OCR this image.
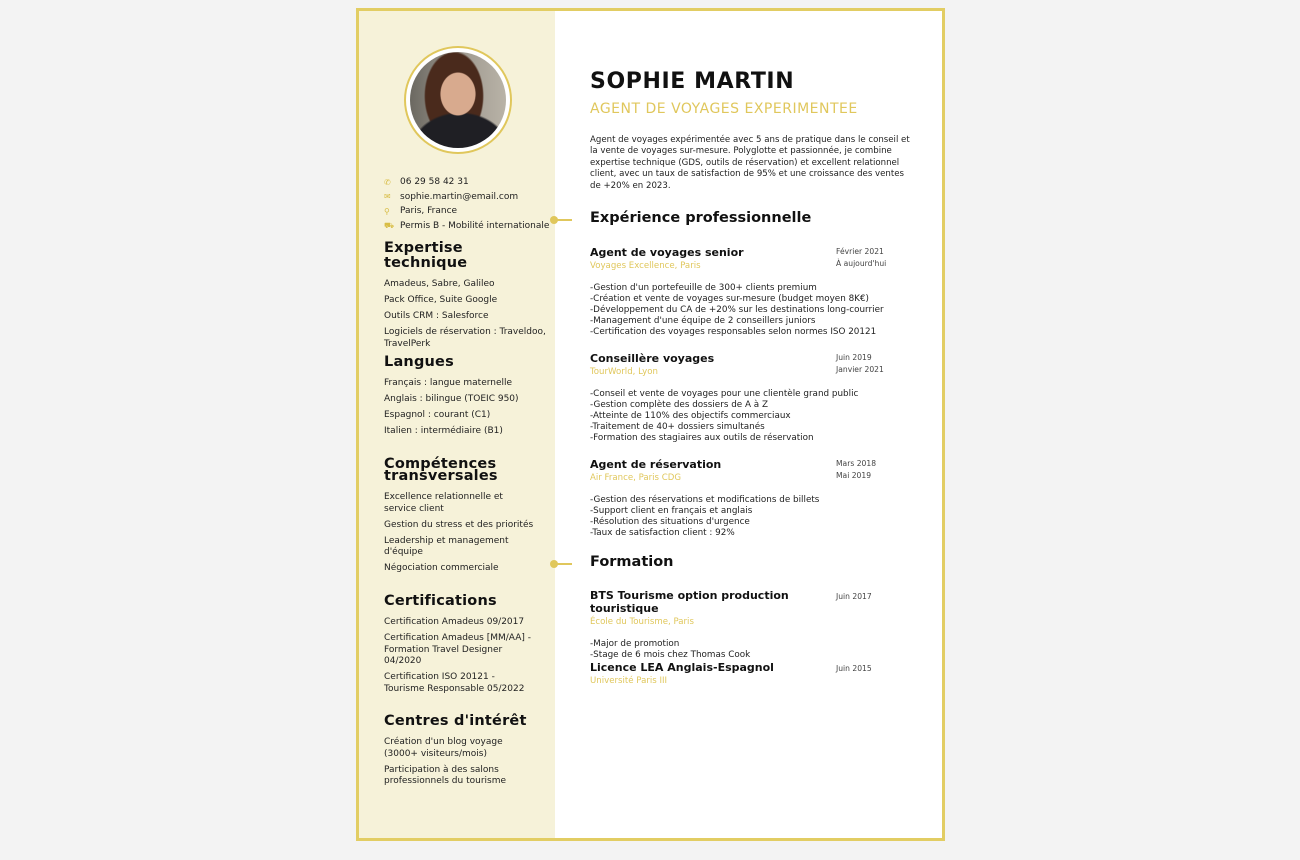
✆	06 29 58 42 31
✉	sophie.martin@email.com
⚲	Paris, France
⛟ Permis B - Mobilité internationale
Expertise technique
Amadeus, Sabre, Galileo
Pack Office, Suite Google
Outils CRM : Salesforce
Logiciels de réservation : Traveldoo, TravelPerk
Langues
Français : langue maternelle
Anglais : bilingue (TOEIC 950)
Espagnol : courant (C1)
Italien : intermédiaire (B1)
Compétences transversales
Excellence relationnelle et service client
Gestion du stress et des priorités
Leadership et management d'équipe
Négociation commerciale
Certifications
Certification Amadeus 09/2017
Certification Amadeus [MM/AA] -Formation Travel Designer 04/2020
Certification ISO 20121 - Tourisme Responsable 05/2022
Centres d'intérêt
Création d'un blog voyage (3000+ visiteurs/mois)
Participation à des salons professionnels du tourisme
SOPHIE MARTIN
AGENT DE VOYAGES EXPERIMENTEE
Agent de voyages expérimentée avec 5 ans de pratique dans le conseil et la vente de voyages sur-mesure. Polyglotte et passionnée, je combine expertise technique (GDS, outils de réservation) et excellent relationnel client, avec un taux de satisfaction de 95% et une croissance des ventes de +20% en 2023.
Expérience professionnelle
Agent de voyages senior
Voyages Excellence, Paris
-Gestion d'un portefeuille de 300+ clients premium
-Création et vente de voyages sur-mesure (budget moyen 8K€)
-Développement du CA de +20% sur les destinations long-courrier
-Management d'une équipe de 2 conseillers juniors
-Certification des voyages responsables selon normes ISO 20121
Février 2021
À aujourd'hui
Conseillère voyages
TourWorld, Lyon
-Conseil et vente de voyages pour une clientèle grand public
-Gestion complète des dossiers de A à Z
-Atteinte de 110% des objectifs commerciaux
-Traitement de 40+ dossiers simultanés
-Formation des stagiaires aux outils de réservation
Juin 2019
Janvier 2021
Agent de réservation
Air France, Paris CDG
-Gestion des réservations et modifications de billets
-Support client en français et anglais
-Résolution des situations d'urgence
-Taux de satisfaction client : 92%
Mars 2018
Mai 2019
Formation
BTS Tourisme option production touristique
École du Tourisme, Paris
-Major de promotion
-Stage de 6 mois chez Thomas Cook
Juin 2017
Licence LEA Anglais-Espagnol
Université Paris III
Juin 2015
